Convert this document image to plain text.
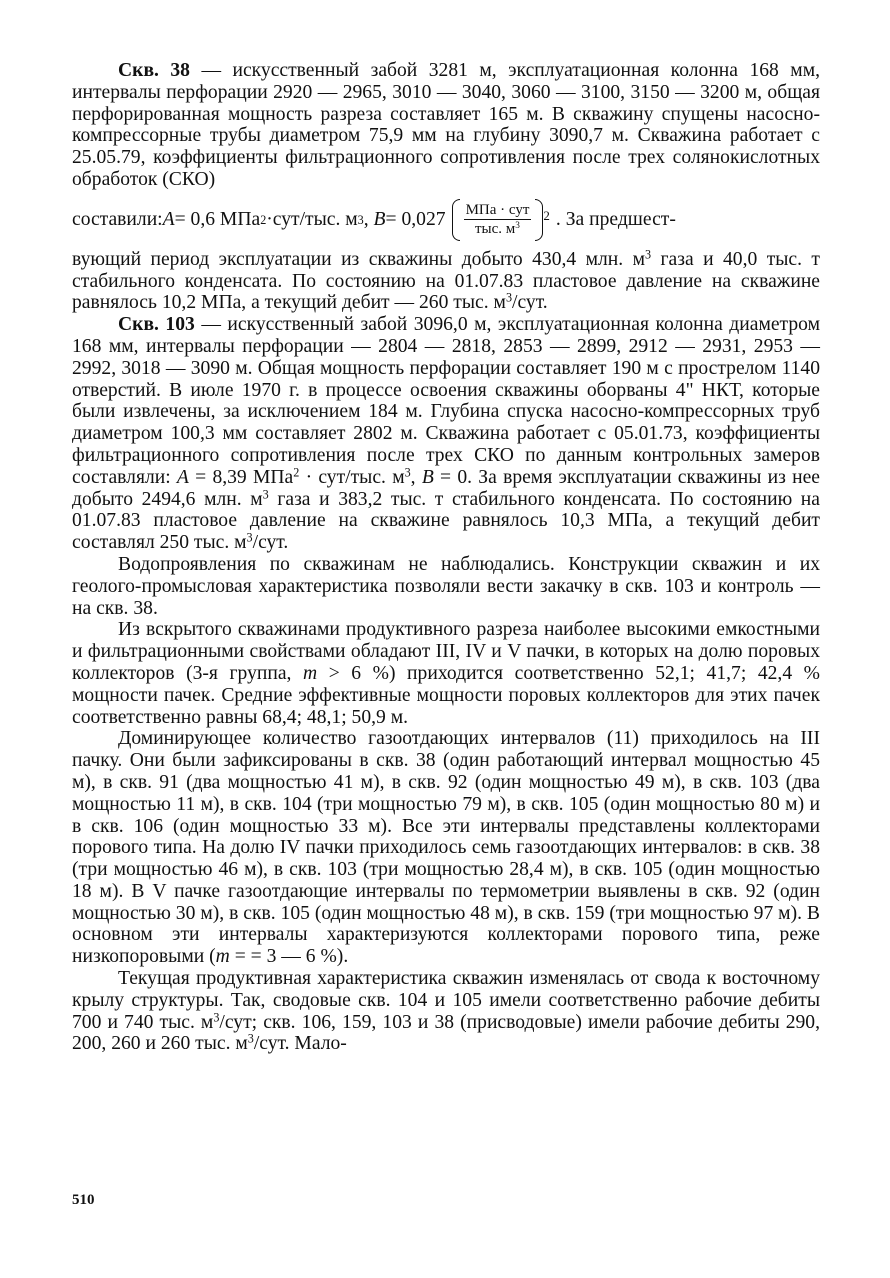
Скв. 38 — искусственный забой 3281 м, эксплуатационная колонна 168 мм, интервалы перфорации 2920 — 2965, 3010 — 3040, 3060 — 3100, 3150 — 3200 м, общая перфорированная мощность разреза составляет 165 м. В скважину спущены насосно-компрессорные трубы диаметром 75,9 мм на глубину 3090,7 м. Скважина работает с 25.05.79, коэффициенты фильтрационного сопротивления после трех солянокислотных обработок (СКО)

составили: A = 0,6 МПа 2 ·сут/тыс. м 3 , $B = 0,027 \frac{\text{МПа · сут}}{тыс. м^3} 2$ . За предшест-

вующий период эксплуатации из скважины добыто 430,4 млн. $м^3$ газа и 40,0 тыс. т стабильного конденсата. По состоянию на 01.07.83 пластовое давление на скважине равнялось 10,2 МПа, а текущий дебит — 260 тыс. $м^3$/сут.

Скв. 103 — искусственный забой 3096,0 м, эксплуатационная колонна диаметром 168 мм, интервалы перфорации — 2804 — 2818, 2853 — 2899, 2912 — 2931, 2953 — 2992, 3018 — 3090 м. Общая мощность перфорации составляет 190 м с прострелом 1140 отверстий. В июле 1970 г. в процессе освоения скважины оборваны 4" НКТ, которые были извлечены, за исключением 184 м. Глубина спуска насосно-компрессорных труб диаметром 100,3 мм составляет 2802 м. Скважина работает с 05.01.73, коэффициенты фильтрационного сопротивления после трех СКО по данным контрольных замеров составляли: A = 8,39 МПа$^2$ · сут/тыс. $м^3$, B = 0. За время эксплуатации скважины из нее добыто 2494,6 млн. $м^3$ газа и 383,2 тыс. т стабильного конденсата. По состоянию на 01.07.83 пластовое давление на скважине равнялось 10,3 МПа, а текущий дебит составлял 250 тыс. $м^3$/сут.

Водопроявления по скважинам не наблюдались. Конструкции скважин и их геолого-промысловая характеристика позволяли вести закачку в скв. 103 и контроль — на скв. 38.

Из вскрытого скважинами продуктивного разреза наиболее высокими емкостными и фильтрационными свойствами обладают III, IV и V пачки, в которых на долю поровых коллекторов (3-я группа, m > 6 %) приходится соответственно 52,1; 41,7; 42,4 % мощности пачек. Средние эффективные мощности поровых коллекторов для этих пачек соответственно равны 68,4; 48,1; 50,9 м.

Доминирующее количество газоотдающих интервалов (11) приходилось на III пачку. Они были зафиксированы в скв. 38 (один работающий интервал мощностью 45 м), в скв. 91 (два мощностью 41 м), в скв. 92 (один мощностью 49 м), в скв. 103 (два мощностью 11 м), в скв. 104 (три мощностью 79 м), в скв. 105 (один мощностью 80 м) и в скв. 106 (один мощностью 33 м). Все эти интервалы представлены коллекторами порового типа. На долю IV пачки приходилось семь газоотдающих интервалов: в скв. 38 (три мощностью 46 м), в скв. 103 (три мощностью 28,4 м), в скв. 105 (один мощностью 18 м). В V пачке газоотдающие интервалы по термометрии выявлены в скв. 92 (один мощностью 30 м), в скв. 105 (один мощностью 48 м), в скв. 159 (три мощностью 97 м). В основном эти интервалы характеризуются коллекторами порового типа, реже низкопоровыми (m = = 3 — 6 %).

Текущая продуктивная характеристика скважин изменялась от свода к восточному крылу структуры. Так, сводовые скв. 104 и 105 имели соответственно рабочие дебиты 700 и 740 тыс. $м^3$/сут; скв. 106, 159, 103 и 38 (присводовые) имели рабочие дебиты 290, 200, 260 и 260 тыс. $м^3$/сут. Мало-

510
